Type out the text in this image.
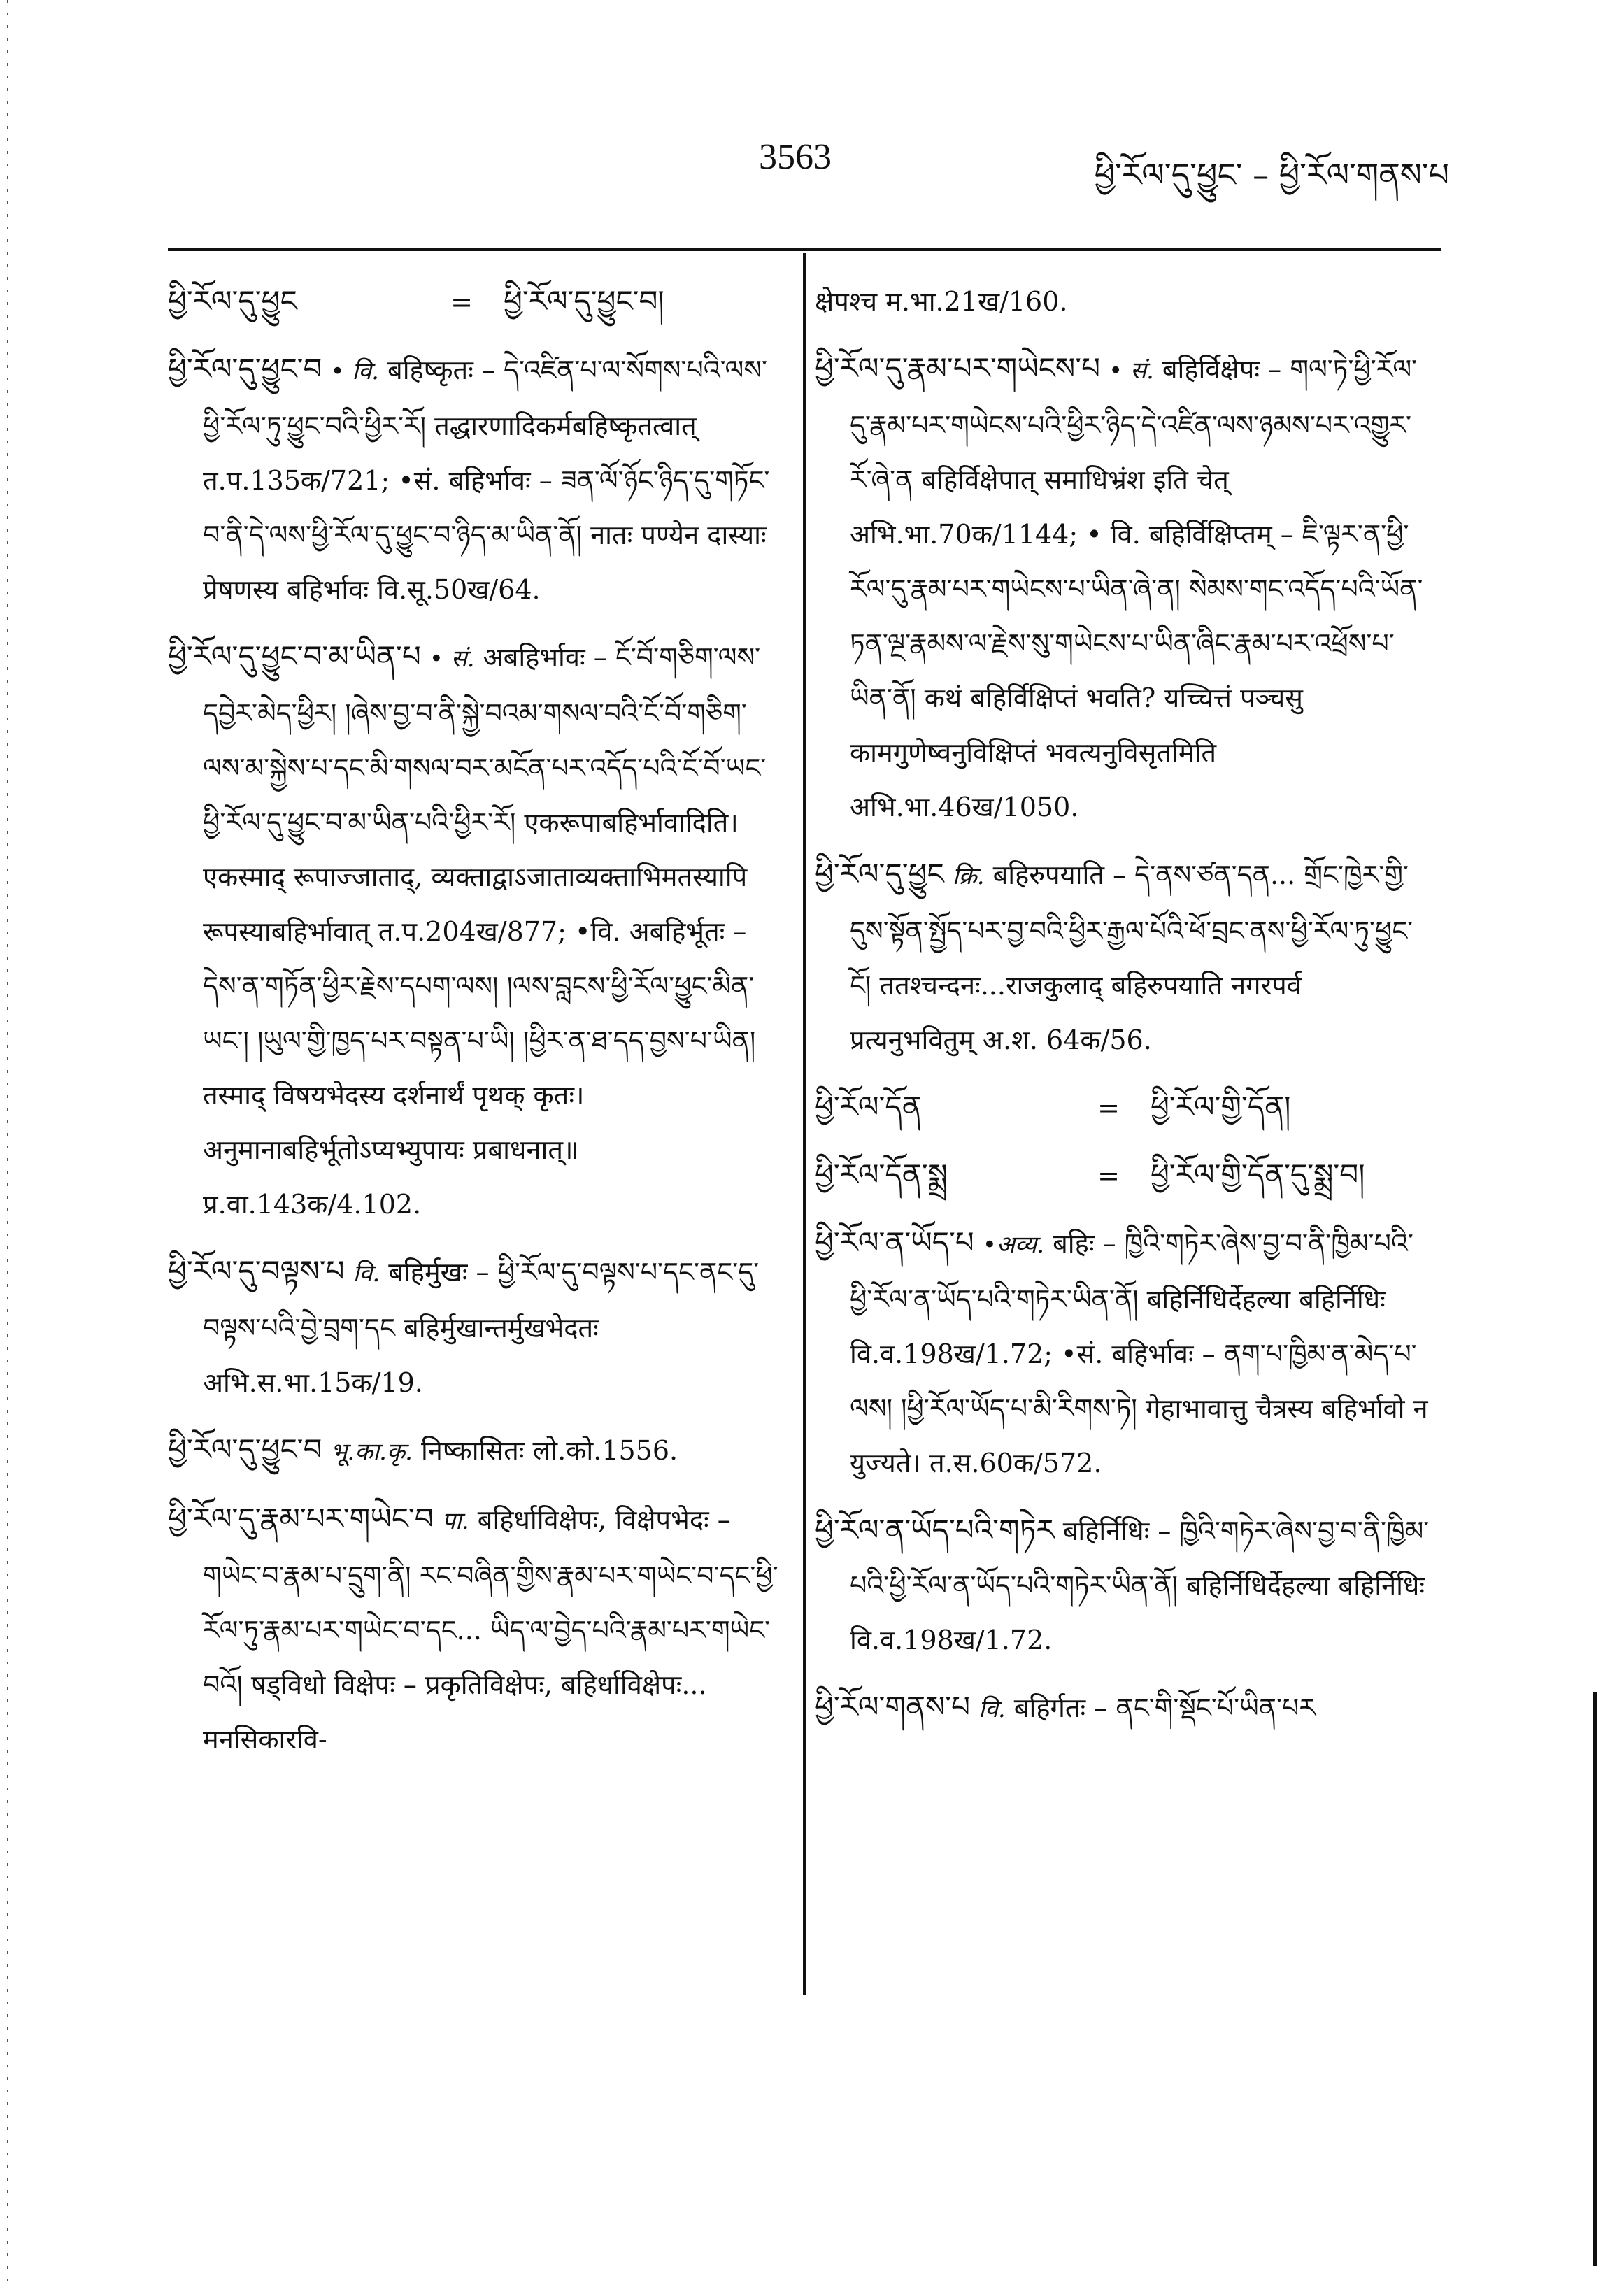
3563	ཕྱི་རོལ་དུ་ཕྱུང་ – ཕྱི་རོལ་གནས་པ
ཕྱི་རོལ་དུ་ཕྱུང	=	ཕྱི་རོལ་དུ་ཕྱུང་བ།

ཕྱི་རོལ་དུ་ཕྱུང་བ • वि. बहिष्कृतः – དེ་འཛིན་པ་ལ་སོགས་པའི་ལས་ཕྱི་རོལ་ཏུ་ཕྱུང་བའི་ཕྱིར་རོ། तद्धारणादिकर्मबहिष्कृतत्वात् त.प.135क/721; •सं. बहिर्भावः – ཟན་ལོ་ཉོང་ཉིད་དུ་གཏོང་བ་ནི་དེ་ལས་ཕྱི་རོལ་དུ་ཕྱུང་བ་ཉིད་མ་ཡིན་ནོ། नातः पण्येन दास्याः प्रेषणस्य बहिर्भावः वि.सू.50ख/64.

ཕྱི་རོལ་དུ་ཕྱུང་བ་མ་ཡིན་པ • सं. अबहिर्भावः – ངོ་བོ་གཅིག་ལས་དབྱེར་མེད་ཕྱིར། །ཞེས་བྱ་བ་ནི་སྐྱེ་བའམ་གསལ་བའི་ངོ་བོ་གཅིག་ལས་མ་སྐྱེས་པ་དང་མི་གསལ་བར་མངོན་པར་འདོད་པའི་ངོ་བོ་ཡང་ཕྱི་རོལ་དུ་ཕྱུང་བ་མ་ཡིན་པའི་ཕྱིར་རོ། एकरूपाबहिर्भावादिति। एकस्माद् रूपाज्जाताद्, व्यक्ताद्वाऽजाताव्यक्ताभिमतस्यापि रूपस्याबहिर्भावात् त.प.204ख/877; •वि. अबहिर्भूतः – དེས་ན་གཏོན་ཕྱིར་རྗེས་དཔག་ལས། །ལས་བླངས་ཕྱི་རོལ་ཕྱུང་མིན་ཡང་། །ཡུལ་གྱི་ཁྱད་པར་བསྟན་པ་ཡི། །ཕྱིར་ན་ཐ་དད་བྱས་པ་ཡིན། तस्माद् विषयभेदस्य दर्शनार्थं पृथक् कृतः। अनुमानाबहिर्भूतोऽप्यभ्युपायः प्रबाधनात्॥ प्र.वा.143क/4.102.

ཕྱི་རོལ་དུ་བལྟས་པ वि. बहिर्मुखः – ཕྱི་རོལ་དུ་བལྟས་པ་དང་ནང་དུ་བལྟས་པའི་བྱེ་བྲག་དང बहिर्मुखान्तर्मुखभेदतः अभि.स.भा.15क/19.

ཕྱི་རོལ་དུ་ཕྱུང་བ भू.का.कृ. निष्कासितः लो.को.1556.

ཕྱི་རོལ་དུ་རྣམ་པར་གཡེང་བ पा. बहिर्धाविक्षेपः, विक्षेपभेदः – གཡེང་བ་རྣམ་པ་དྲུག་ནི། རང་བཞིན་གྱིས་རྣམ་པར་གཡེང་བ་དང་ཕྱི་རོལ་ཏུ་རྣམ་པར་གཡེང་བ་དང... ཡིད་ལ་བྱེད་པའི་རྣམ་པར་གཡེང་བའོ། षड्विधो विक्षेपः – प्रकृतिविक्षेपः, बहिर्धाविक्षेपः... मनसिकारवि-

क्षेपश्च म.भा.21ख/160.

ཕྱི་རོལ་དུ་རྣམ་པར་གཡེངས་པ • सं. बहिर्विक्षेपः – གལ་ཏེ་ཕྱི་རོལ་དུ་རྣམ་པར་གཡེངས་པའི་ཕྱིར་ཉིད་དེ་འཛིན་ལས་ཉམས་པར་འགྱུར་རོ་ཞེ་ན बहिर्विक्षेपात् समाधिभ्रंश इति चेत् अभि.भा.70क/1144; • वि. बहिर्विक्षिप्तम् – ཇི་ལྟར་ན་ཕྱི་རོལ་དུ་རྣམ་པར་གཡེངས་པ་ཡིན་ཞེ་ན། སེམས་གང་འདོད་པའི་ཡོན་ཏན་ལྔ་རྣམས་ལ་རྗེས་སུ་གཡེངས་པ་ཡིན་ཞིང་རྣམ་པར་འཕྲོས་པ་ཡིན་ནོ། कथं बहिर्विक्षिप्तं भवति? यच्चित्तं पञ्चसु कामगुणेष्वनुविक्षिप्तं भवत्यनुविसृतमिति अभि.भा.46ख/1050.

ཕྱི་རོལ་དུ་ཕྱུང क्रि. बहिरुपयाति – དེ་ནས་ཙན་དན... གྲོང་ཁྱེར་གྱི་དུས་སྟོན་སྤྱོད་པར་བྱ་བའི་ཕྱིར་རྒྱལ་པོའི་ཕོ་བྲང་ནས་ཕྱི་རོལ་ཏུ་ཕྱུང་ངོ། ततश्चन्दनः...राजकुलाद् बहिरुपयाति नगरपर्व प्रत्यनुभवितुम् अ.श. 64क/56.

ཕྱི་རོལ་དོན	=	ཕྱི་རོལ་གྱི་དོན།
ཕྱི་རོལ་དོན་སྨྲ	=	ཕྱི་རོལ་གྱི་དོན་དུ་སྨྲ་བ།

ཕྱི་རོལ་ན་ཡོད་པ •अव्य. बहिः – ཁྱིའི་གཏེར་ཞེས་བྱ་བ་ནི་ཁྱིམ་པའི་ཕྱི་རོལ་ན་ཡོད་པའི་གཏེར་ཡིན་ནོ། बहिर्निधिर्देहल्या बहिर्निधिः वि.व.198ख/1.72; •सं. बहिर्भावः – ནག་པ་ཁྱིམ་ན་མེད་པ་ལས། །ཕྱི་རོལ་ཡོད་པ་མི་རིགས་ཏེ། गेहाभावात्तु चैत्रस्य बहिर्भावो न युज्यते। त.स.60क/572.

ཕྱི་རོལ་ན་ཡོད་པའི་གཏེར बहिर्निधिः – ཁྱིའི་གཏེར་ཞེས་བྱ་བ་ནི་ཁྱིམ་པའི་ཕྱི་རོལ་ན་ཡོད་པའི་གཏེར་ཡིན་ནོ། बहिर्निधिर्देहल्या बहिर्निधिः वि.व.198ख/1.72.

ཕྱི་རོལ་གནས་པ वि. बहिर्गतः – ནང་གི་སྡོང་པོ་ཡིན་པར
